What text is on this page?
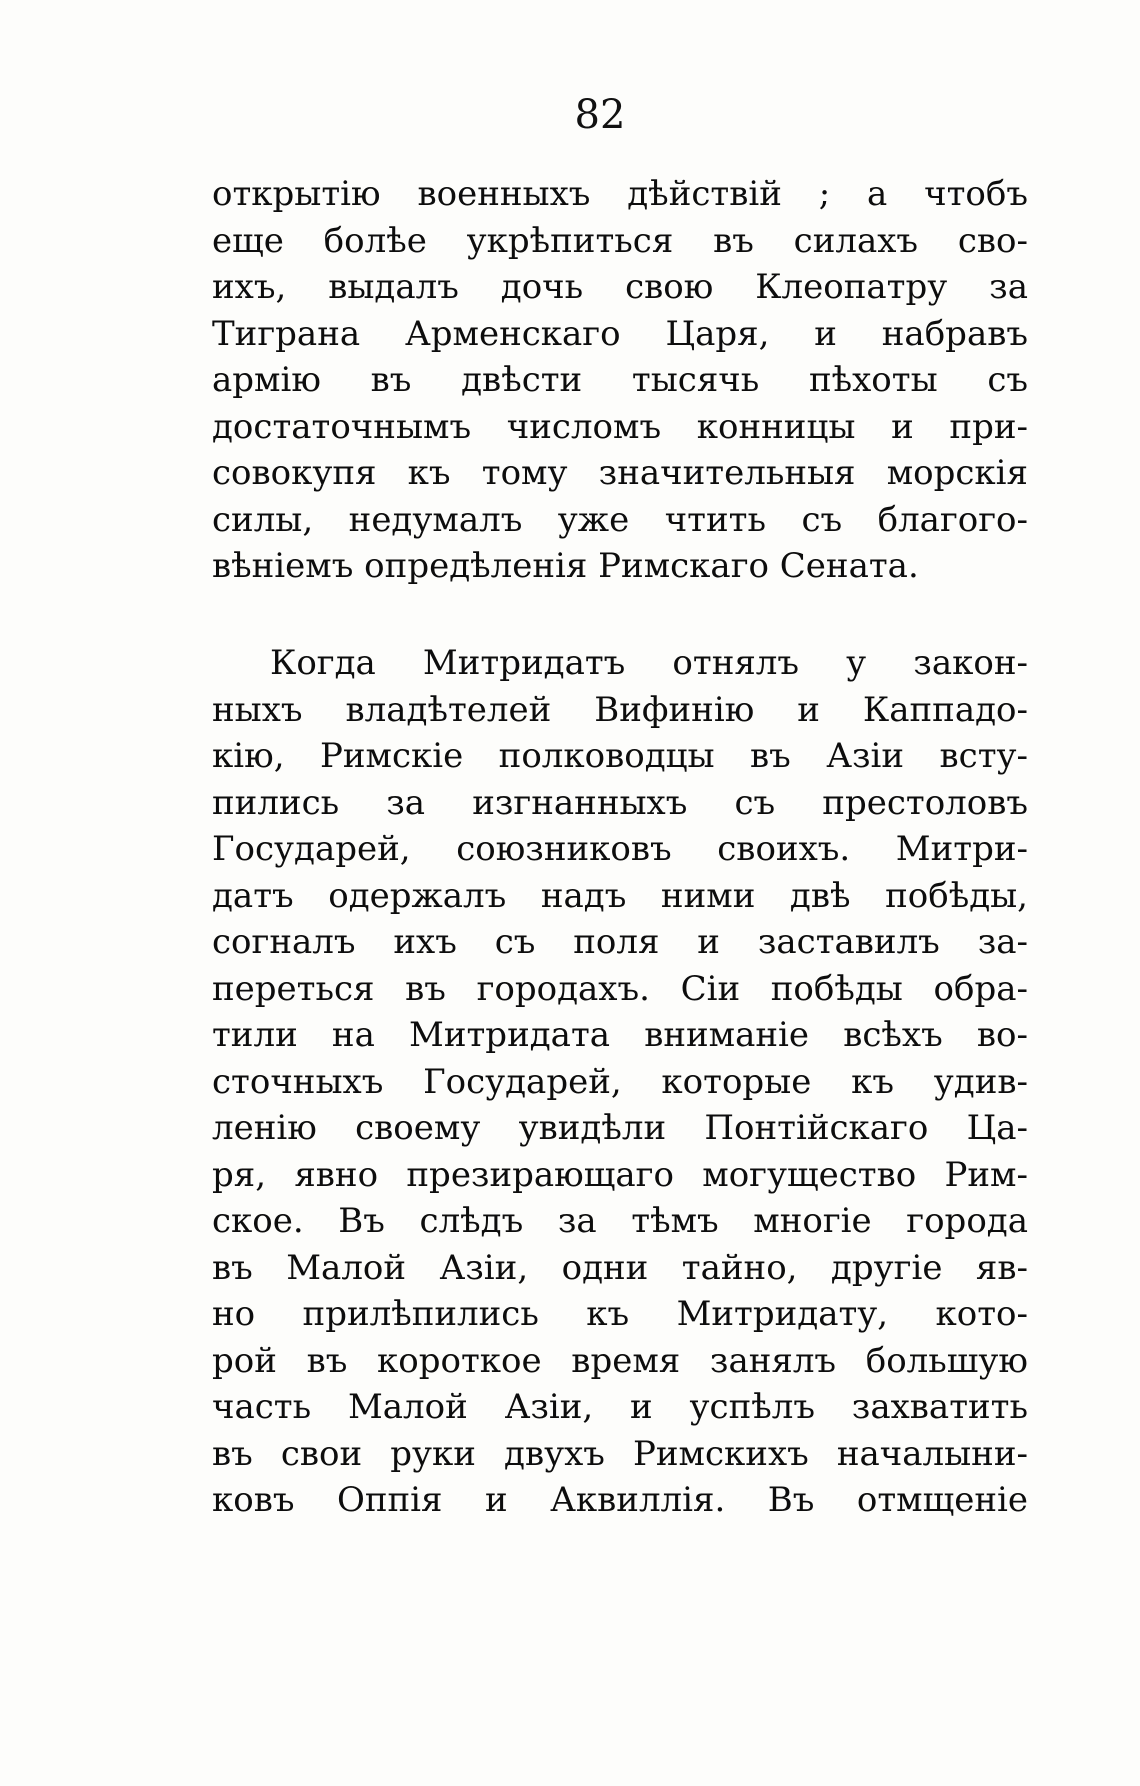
82
открытію военныхъ дѣйствій ; а чтобъ
еще болѣе укрѣпиться въ силахъ сво-
ихъ, выдалъ дочь свою Клеопатру за
Тиграна Арменскаго Царя, и набравъ
армію въ двѣсти тысячь пѣхоты съ
достаточнымъ числомъ конницы и при-
совокупя къ тому значительныя морскія
силы, недумалъ уже чтить съ благого-
вѣніемъ опредѣленія Римскаго Сената.
Когда Митридатъ отнялъ у закон-
ныхъ владѣтелей Вифинію и Каппадо-
кію, Римскіе полководцы въ Азіи всту-
пились за изгнанныхъ съ престоловъ
Государей, союзниковъ своихъ. Митри-
датъ одержалъ надъ ними двѣ побѣды,
согналъ ихъ съ поля и заставилъ за-
переться въ городахъ. Сіи побѣды обра-
тили на Митридата вниманіе всѣхъ во-
сточныхъ Государей, которые къ удив-
ленію своему увидѣли Понтійскаго Ца-
ря, явно презирающаго могущество Рим-
ское. Въ слѣдъ за тѣмъ многіе города
въ Малой Азіи, одни тайно, другіе яв-
но прилѣпились къ Митридату, кото-
рой въ короткое время занялъ большую
часть Малой Азіи, и успѣлъ захватить
въ свои руки двухъ Римскихъ началыни-
ковъ Оппія и Аквиллія. Въ отмщеніе
